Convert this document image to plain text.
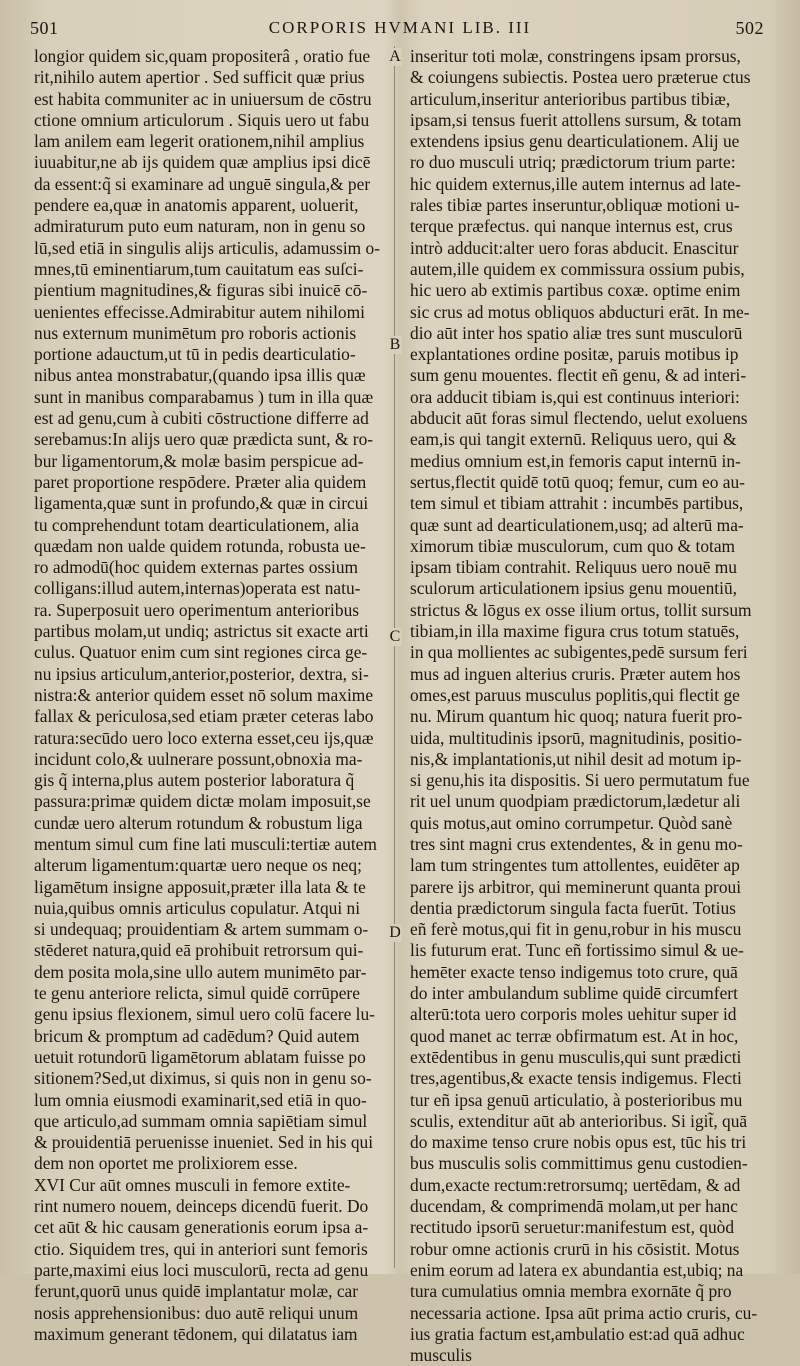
501	CORPORIS HVMANI LIB. III	502
longior quidem sic,quam propositerâ , oratio fue
rit,nihilo autem apertior . Sed sufficit quæ prius
est habita communiter ac in uniuersum de cōstru
ctione omnium articulorum . Siquis uero ut fabu
lam anilem eam legerit orationem,nihil amplius
iuuabitur,ne ab ijs quidem quæ amplius ipsi dicē
da essent:q̃ si examinare ad unguē singula,& per
pendere ea,quæ in anatomis apparent, uoluerit,
admiraturum puto eum naturam, non in genu so
lū,sed etiā in singulis alijs articulis, adamussim o-
mnes,tū eminentiarum,tum cauitatum eas suſci-
pientium magnitudines,& figuras sibi inuicē cō-
uenientes effecisse.Admirabitur autem nihilomi
nus externum munimētum pro roboris actionis
portione adauctum,ut tū in pedis dearticulatio-
nibus antea monstrabatur,(quando ipsa illis quæ
sunt in manibus comparabamus ) tum in illa quæ
est ad genu,cum à cubiti cōstructione differre ad
serebamus:In alijs uero quæ prædicta sunt, & ro-
bur ligamentorum,& molæ basim perspicue ad-
paret proportione respōdere. Præter alia quidem
ligamenta,quæ sunt in profundo,& quæ in circui
tu comprehendunt totam dearticulationem, alia
quædam non ualde quidem rotunda, robusta ue-
ro admodū(hoc quidem externas partes ossium
colligans:illud autem,internas)operata est natu-
ra. Superposuit uero operimentum anterioribus
partibus molam,ut undiq; astrictus sit exacte arti
culus. Quatuor enim cum sint regiones circa ge-
nu ipsius articulum,anterior,posterior, dextra, si-
nistra:& anterior quidem esset nō solum maxime
fallax & periculosa,sed etiam præter ceteras labo
ratura:secūdo uero loco externa esset,ceu ijs,quæ
incidunt colo,& uulnerare possunt,obnoxia ma-
gis q̃ interna,plus autem posterior laboratura q̃
passura:primæ quidem dictæ molam imposuit,se
cundæ uero alterum rotundum & robustum liga
mentum simul cum fine lati musculi:tertiæ autem
alterum ligamentum:quartæ uero neque os neq;
ligamētum insigne apposuit,præter illa lata & te
nuia,quibus omnis articulus copulatur. Atqui ni
si undequaq; prouidentiam & artem summam o-
stēderet natura,quid eā prohibuit retrorsum qui-
dem posita mola,sine ullo autem munimēto par-
te genu anteriore relicta, simul quidē corrūpere
genu ipsius flexionem, simul uero colū facere lu-
bricum & promptum ad cadēdum? Quid autem
uetuit rotundorū ligamētorum ablatam fuisse po
sitionem?Sed,ut diximus, si quis non in genu so-
lum omnia eiusmodi examinarit,sed etiā in quo-
que articulo,ad summam omnia sapiētiam simul
& prouidentiā peruenisse inueniet. Sed in his qui
dem non oportet me prolixiorem esse.
XVI Cur aūt omnes musculi in femore extite-
rint numero nouem, deinceps dicendū fuerit. Do
cet aūt & hic causam generationis eorum ipsa a-
ctio. Siquidem tres, qui in anteriori sunt femoris
parte,maximi eius loci musculorū, recta ad genu
ferunt,quorū unus quidē implantatur molæ, car
nosis apprehensionibus: duo autē reliqui unum
maximum generant tēdonem, qui dilatatus iam
inseritur toti molæ, constringens ipsam prorsus,
& coiungens subiectis. Postea uero præterue ctus
articulum,inseritur anterioribus partibus tibiæ,
ipsam,si tensus fuerit attollens sursum, & totam
extendens ipsius genu dearticulationem. Alij ue
ro duo musculi utriq; prædictorum trium parte:
hic quidem externus,ille autem internus ad late-
rales tibiæ partes inseruntur,obliquæ motioni u-
terque præfectus. qui nanque internus est, crus
intrò adducit:alter uero foras abducit. Enascitur
autem,ille quidem ex commissura ossium pubis,
hic uero ab extimis partibus coxæ. optime enim
sic crus ad motus obliquos abducturi erāt. In me-
dio aūt inter hos spatio aliæ tres sunt musculorū
explantationes ordine positæ, paruis motibus ip
sum genu mouentes. flectit eñ genu, & ad interi-
ora adducit tibiam is,qui est continuus interiori:
abducit aūt foras simul flectendo, uelut exoluens
eam,is qui tangit externū. Reliquus uero, qui &
medius omnium est,in femoris caput internū in-
sertus,flectit quidē totū quoq; femur, cum eo au-
tem simul et tibiam attrahit : incumbēs partibus,
quæ sunt ad dearticulationem,usq; ad alterū ma-
ximorum tibiæ musculorum, cum quo & totam
ipsam tibiam contrahit. Reliquus uero nouē mu
sculorum articulationem ipsius genu mouentiū,
strictus & lōgus ex osse ilium ortus, tollit sursum
tibiam,in illa maxime figura crus totum statuēs,
in qua mollientes ac subigentes,pedē sursum feri
mus ad inguen alterius cruris. Præter autem hos
omes,est paruus musculus poplitis,qui flectit ge
nu. Mirum quantum hic quoq; natura fuerit pro-
uida, multitudinis ipsorū, magnitudinis, positio-
nis,& implantationis,ut nihil desit ad motum ip-
si genu,his ita dispositis. Si uero permutatum fue
rit uel unum quodpiam prædictorum,lædetur ali
quis motus,aut omino corrumpetur. Quòd sanè
tres sint magni crus extendentes, & in genu mo-
lam tum stringentes tum attollentes, euidēter ap
parere ijs arbitror, qui meminerunt quanta proui
dentia prædictorum singula facta fuerūt. Totius
eñ ferè motus,qui fit in genu,robur in his muscu
lis futurum erat. Tunc eñ fortissimo simul & ue-
hemēter exacte tenso indigemus toto crure, quā
do inter ambulandum sublime quidē circumfert
alterū:tota uero corporis moles uehitur super id
quod manet ac terræ obfirmatum est. At in hoc,
extēdentibus in genu musculis,qui sunt prædicti
tres,agentibus,& exacte tensis indigemus. Flecti
tur eñ ipsa genuū articulatio, à posterioribus mu
sculis, extenditur aūt ab anterioribus. Si igit̃, quā
do maxime tenso crure nobis opus est, tūc his tri
bus musculis solis committimus genu custodien-
dum,exacte rectum:retrorsumq; uertēdam, & ad
ducendam, & comprimendā molam,ut per hanc
rectitudo ipsorū seruetur:manifestum est, quòd
robur omne actionis crurū in his cōsistit. Motus
enim eorum ad latera ex abundantia est,ubiq; na
tura cumulatius omnia membra exornāte q̃ pro
necessaria actione. Ipsa aūt prima actio cruris, cu-
ius gratia factum est,ambulatio est:ad quā adhuc
musculis
A
B
C
D
